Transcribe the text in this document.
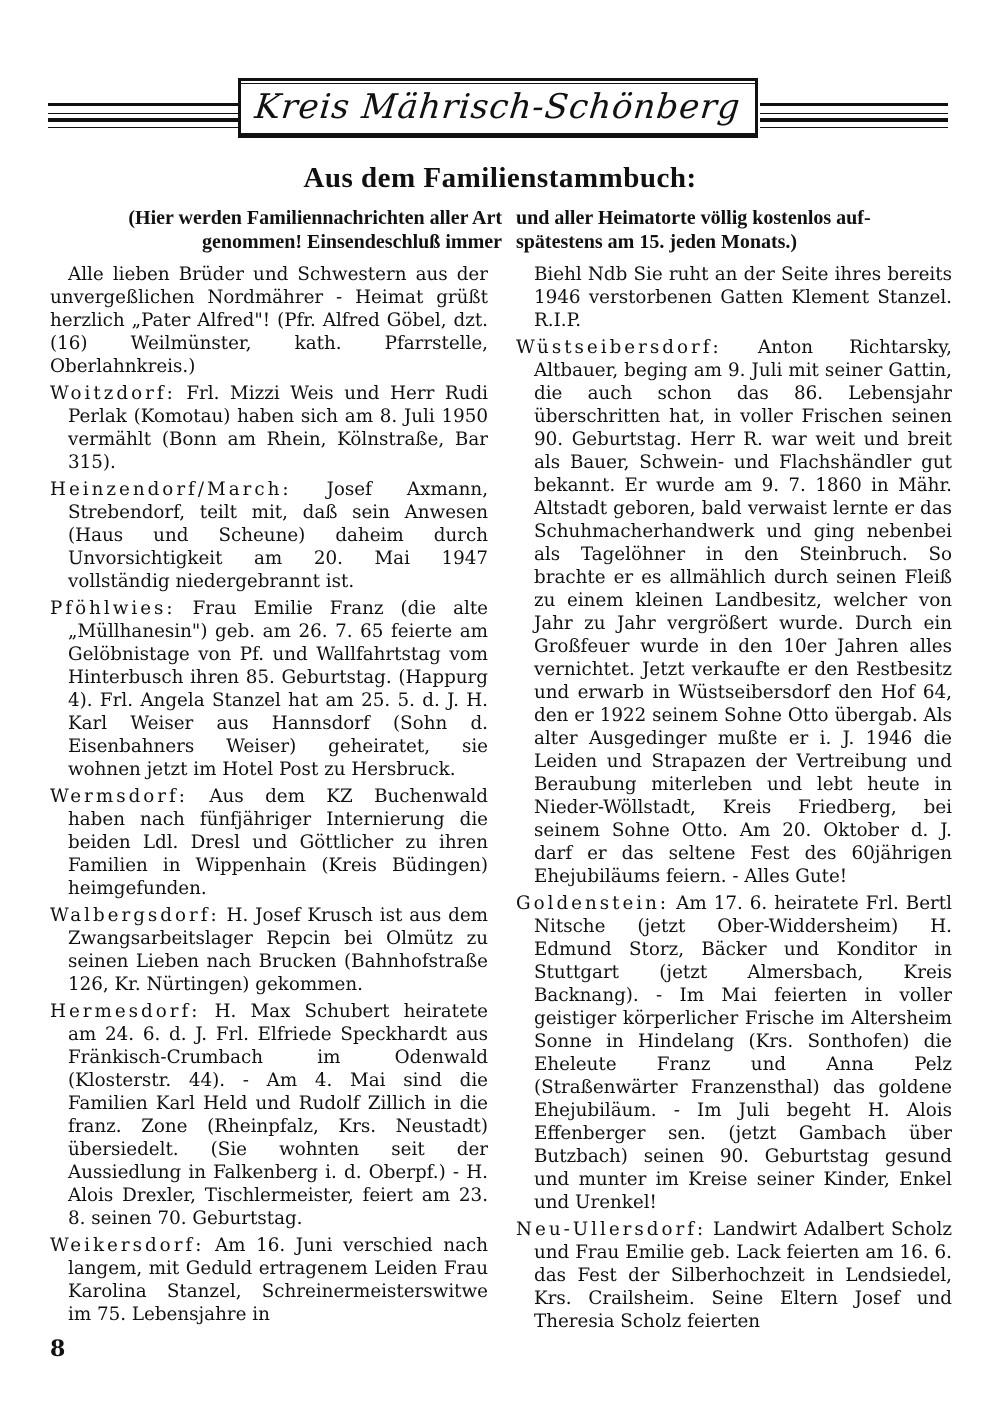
Kreis Mährisch-Schönberg
Aus dem Familienstammbuch:
(Hier werden Familiennachrichten aller Art
genommen! Einsendeschluß immer
und aller Heimatorte völlig kostenlos auf-
spätestens am 15. jeden Monats.)

Alle lieben Brüder und Schwestern aus der unvergeßlichen Nordmährer - Heimat grüßt herzlich „Pater Alfred"! (Pfr. Alfred Göbel, dzt. (16) Weilmünster, kath. Pfarrstelle, Oberlahnkreis.)

Woitzdorf: Frl. Mizzi Weis und Herr Rudi Perlak (Komotau) haben sich am 8. Juli 1950 vermählt (Bonn am Rhein, Kölnstraße, Bar 315).

Heinzendorf/March: Josef Axmann, Strebendorf, teilt mit, daß sein Anwesen (Haus und Scheune) daheim durch Unvorsichtigkeit am 20. Mai 1947 vollständig niedergebrannt ist.

Pföhlwies: Frau Emilie Franz (die alte „Müllhanesin") geb. am 26. 7. 65 feierte am Gelöbnistage von Pf. und Wallfahrtstag vom Hinterbusch ihren 85. Geburtstag. (Happurg 4). Frl. Angela Stanzel hat am 25. 5. d. J. H. Karl Weiser aus Hannsdorf (Sohn d. Eisenbahners Weiser) geheiratet, sie wohnen jetzt im Hotel Post zu Hersbruck.

Wermsdorf: Aus dem KZ Buchenwald haben nach fünfjähriger Internierung die beiden Ldl. Dresl und Göttlicher zu ihren Familien in Wippenhain (Kreis Büdingen) heimgefunden.

Walbergsdorf: H. Josef Krusch ist aus dem Zwangsarbeitslager Repcin bei Olmütz zu seinen Lieben nach Brucken (Bahnhofstraße 126, Kr. Nürtingen) gekommen.

Hermesdorf: H. Max Schubert heiratete am 24. 6. d. J. Frl. Elfriede Speckhardt aus Fränkisch-Crumbach im Odenwald (Klosterstr. 44). - Am 4. Mai sind die Familien Karl Held und Rudolf Zillich in die franz. Zone (Rheinpfalz, Krs. Neustadt) übersiedelt. (Sie wohnten seit der Aussiedlung in Falkenberg i. d. Oberpf.) - H. Alois Drexler, Tischlermeister, feiert am 23. 8. seinen 70. Geburtstag.

Weikersdorf: Am 16. Juni verschied nach langem, mit Geduld ertragenem Leiden Frau Karolina Stanzel, Schreinermeisterswitwe im 75. Lebensjahre in

Biehl Ndb Sie ruht an der Seite ihres bereits 1946 verstorbenen Gatten Klement Stanzel. R.I.P.

Wüstseibersdorf: Anton Richtarsky, Altbauer, beging am 9. Juli mit seiner Gattin, die auch schon das 86. Lebensjahr überschritten hat, in voller Frischen seinen 90. Geburtstag. Herr R. war weit und breit als Bauer, Schwein- und Flachshändler gut bekannt. Er wurde am 9. 7. 1860 in Mähr. Altstadt geboren, bald verwaist lernte er das Schuhmacherhandwerk und ging nebenbei als Tagelöhner in den Steinbruch. So brachte er es allmählich durch seinen Fleiß zu einem kleinen Landbesitz, welcher von Jahr zu Jahr vergrößert wurde. Durch ein Großfeuer wurde in den 10er Jahren alles vernichtet. Jetzt verkaufte er den Restbesitz und erwarb in Wüstseibersdorf den Hof 64, den er 1922 seinem Sohne Otto übergab. Als alter Ausgedinger mußte er i. J. 1946 die Leiden und Strapazen der Vertreibung und Beraubung miterleben und lebt heute in Nieder-Wöllstadt, Kreis Friedberg, bei seinem Sohne Otto. Am 20. Oktober d. J. darf er das seltene Fest des 60jährigen Ehejubiläums feiern. - Alles Gute!

Goldenstein: Am 17. 6. heiratete Frl. Bertl Nitsche (jetzt Ober-Widdersheim) H. Edmund Storz, Bäcker und Konditor in Stuttgart (jetzt Almersbach, Kreis Backnang). - Im Mai feierten in voller geistiger körperlicher Frische im Altersheim Sonne in Hindelang (Krs. Sonthofen) die Eheleute Franz und Anna Pelz (Straßenwärter Franzensthal) das goldene Ehejubiläum. - Im Juli begeht H. Alois Effenberger sen. (jetzt Gambach über Butzbach) seinen 90. Geburtstag gesund und munter im Kreise seiner Kinder, Enkel und Urenkel!

Neu-Ullersdorf: Landwirt Adalbert Scholz und Frau Emilie geb. Lack feierten am 16. 6. das Fest der Silberhochzeit in Lendsiedel, Krs. Crailsheim. Seine Eltern Josef und Theresia Scholz feierten

8
